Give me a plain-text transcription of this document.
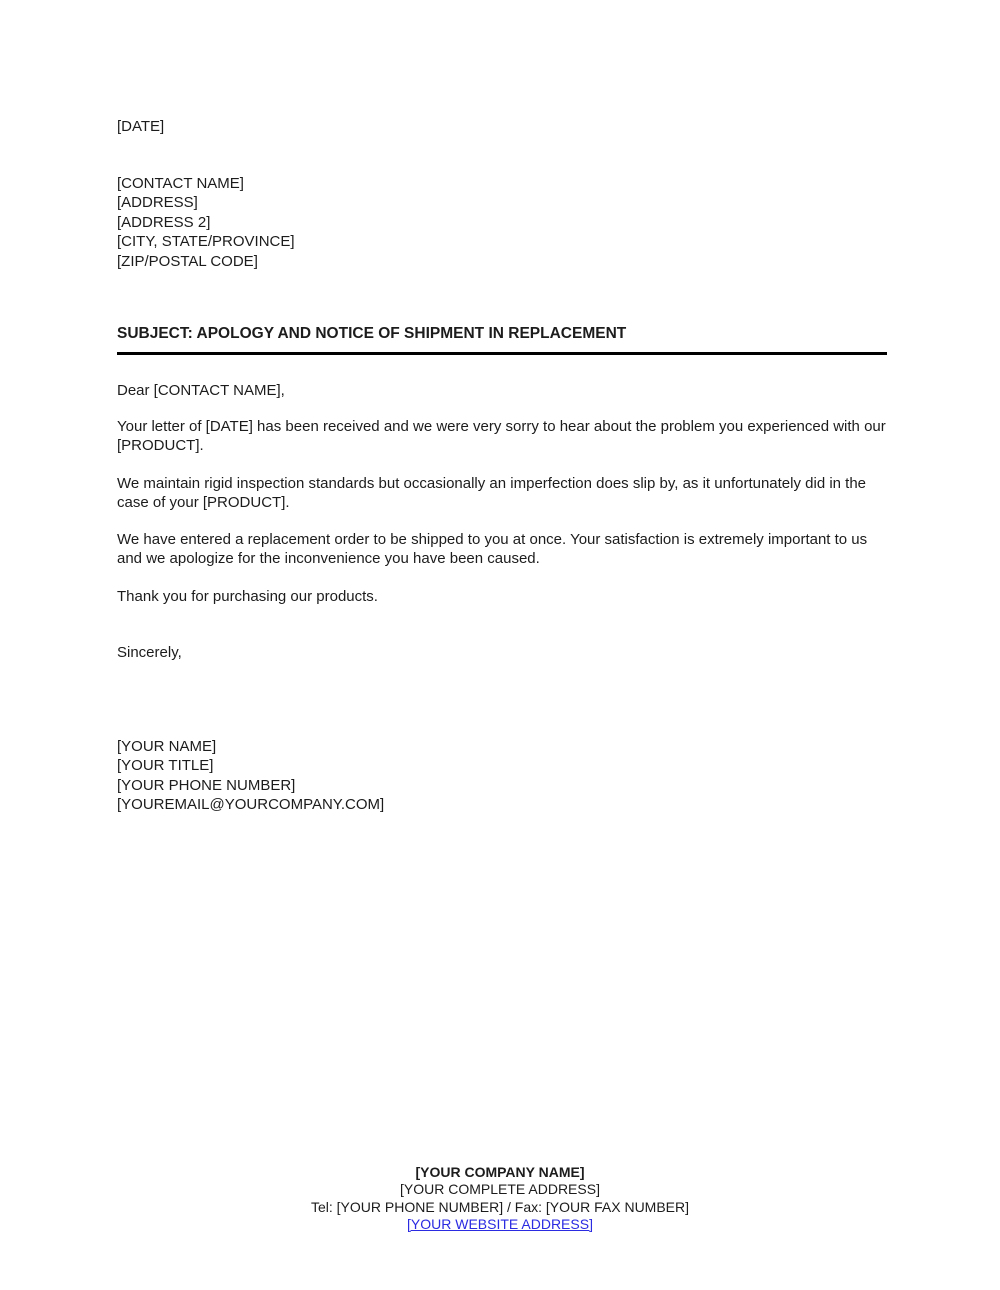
[DATE]
[CONTACT NAME]
[ADDRESS]
[ADDRESS 2]
[CITY, STATE/PROVINCE]
[ZIP/POSTAL CODE]
SUBJECT: APOLOGY AND NOTICE OF SHIPMENT IN REPLACEMENT
Dear [CONTACT NAME],
Your letter of [DATE] has been received and we were very sorry to hear about the problem you experienced with our [PRODUCT].
We maintain rigid inspection standards but occasionally an imperfection does slip by, as it unfortunately did in the case of your [PRODUCT].
We have entered a replacement order to be shipped to you at once. Your satisfaction is extremely important to us and we apologize for the inconvenience you have been caused.
Thank you for purchasing our products.
Sincerely,
[YOUR NAME]
[YOUR TITLE]
[YOUR PHONE NUMBER]
[YOUREMAIL@YOURCOMPANY.COM]
[YOUR COMPANY NAME]
[YOUR COMPLETE ADDRESS]
Tel: [YOUR PHONE NUMBER] / Fax: [YOUR FAX NUMBER]
[YOUR WEBSITE ADDRESS]
